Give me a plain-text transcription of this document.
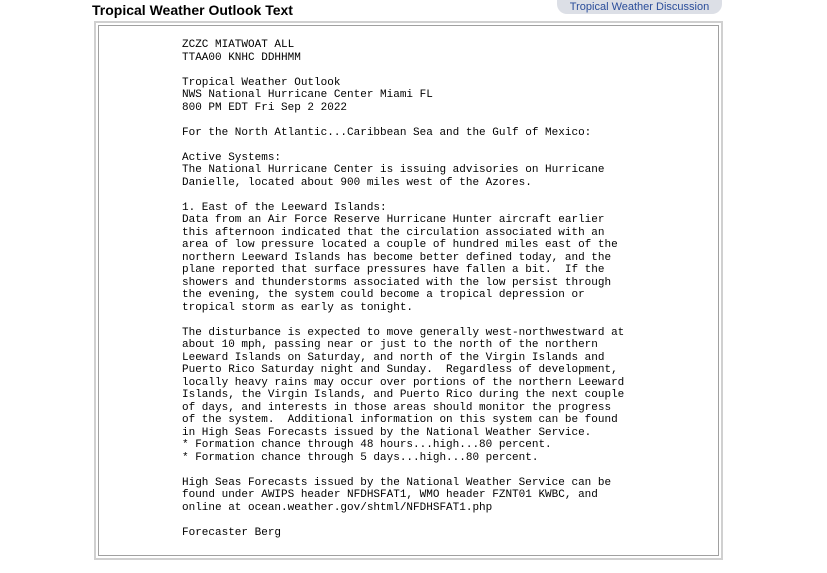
Tropical Weather Outlook Text	Tropical Weather Discussion
ZCZC MIATWOAT ALL
TTAA00 KNHC DDHHMM

Tropical Weather Outlook
NWS National Hurricane Center Miami FL
800 PM EDT Fri Sep 2 2022

For the North Atlantic...Caribbean Sea and the Gulf of Mexico:

Active Systems:
The National Hurricane Center is issuing advisories on Hurricane
Danielle, located about 900 miles west of the Azores.

1. East of the Leeward Islands:
Data from an Air Force Reserve Hurricane Hunter aircraft earlier
this afternoon indicated that the circulation associated with an
area of low pressure located a couple of hundred miles east of the
northern Leeward Islands has become better defined today, and the
plane reported that surface pressures have fallen a bit.  If the
showers and thunderstorms associated with the low persist through
the evening, the system could become a tropical depression or
tropical storm as early as tonight.

The disturbance is expected to move generally west-northwestward at
about 10 mph, passing near or just to the north of the northern
Leeward Islands on Saturday, and north of the Virgin Islands and
Puerto Rico Saturday night and Sunday.  Regardless of development,
locally heavy rains may occur over portions of the northern Leeward
Islands, the Virgin Islands, and Puerto Rico during the next couple
of days, and interests in those areas should monitor the progress
of the system.  Additional information on this system can be found
in High Seas Forecasts issued by the National Weather Service.
* Formation chance through 48 hours...high...80 percent.
* Formation chance through 5 days...high...80 percent.

High Seas Forecasts issued by the National Weather Service can be
found under AWIPS header NFDHSFAT1, WMO header FZNT01 KWBC, and
online at ocean.weather.gov/shtml/NFDHSFAT1.php

Forecaster Berg
